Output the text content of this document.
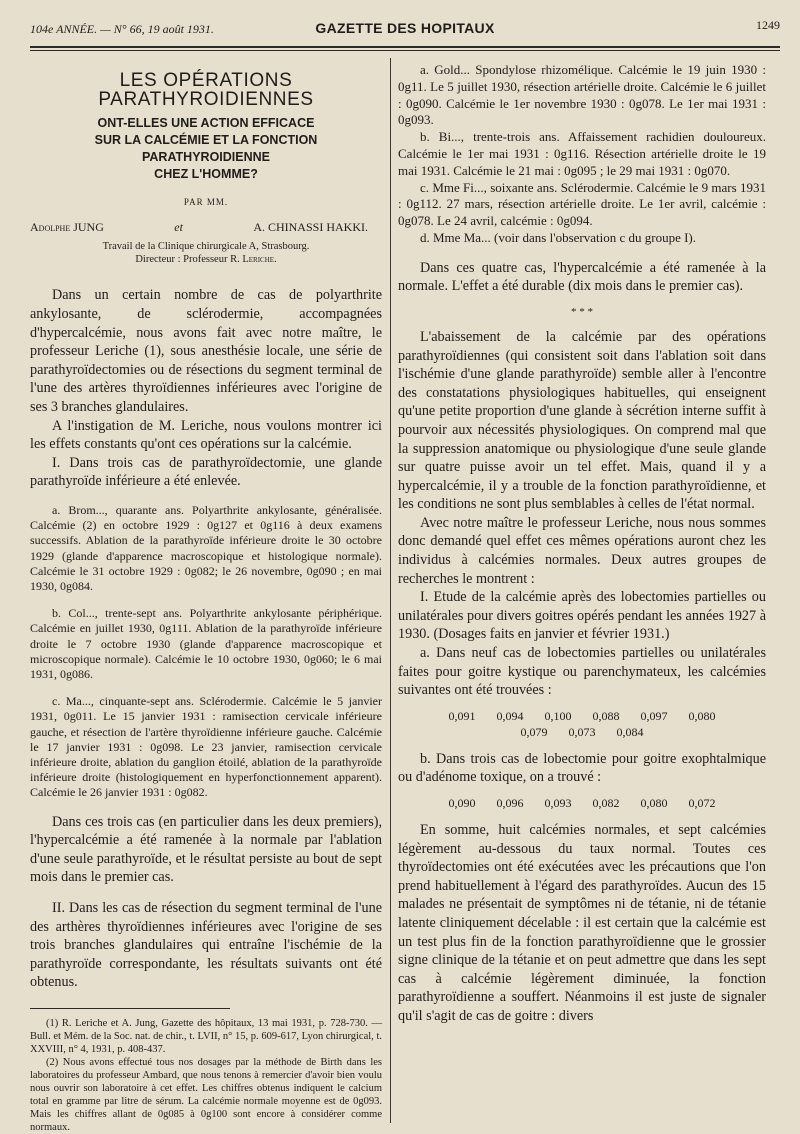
104e ANNÉE. — N° 66, 19 août 1931.	GAZETTE DES HOPITAUX	1249
LES OPÉRATIONS PARATHYROIDIENNES
ONT-ELLES UNE ACTION EFFICACE
SUR LA CALCÉMIE ET LA FONCTION PARATHYROIDIENNE
CHEZ L'HOMME?
PAR MM.
Adolphe JUNG	et	A. CHINASSI HAKKI.
Travail de la Clinique chirurgicale A, Strasbourg.
Directeur : Professeur R. Leriche.

Dans un certain nombre de cas de polyarthrite ankylosante, de sclérodermie, accompagnées d'hypercalcémie, nous avons fait avec notre maître, le professeur Leriche (1), sous anesthésie locale, une série de parathyroïdectomies ou de résections du segment terminal de l'une des artères thyroïdiennes inférieures avec l'origine de ses 3 branches glandulaires.

A l'instigation de M. Leriche, nous voulons montrer ici les effets constants qu'ont ces opérations sur la calcémie.

I. Dans trois cas de parathyroïdectomie, une glande parathyroïde inférieure a été enlevée.

a. Brom..., quarante ans. Polyarthrite ankylosante, généralisée. Calcémie (2) en octobre 1929 : 0g127 et 0g116 à deux examens successifs. Ablation de la parathyroïde inférieure droite le 30 octobre 1929 (glande d'apparence macroscopique et histologique normale). Calcémie le 31 octobre 1929 : 0g082; le 26 novembre, 0g090 ; en mai 1930, 0g084.

b. Col..., trente-sept ans. Polyarthrite ankylosante périphérique. Calcémie en juillet 1930, 0g111. Ablation de la parathyroïde inférieure droite le 7 octobre 1930 (glande d'apparence macroscopique et microscopique normale). Calcémie le 10 octobre 1930, 0g060; le 6 mai 1931, 0g086.

c. Ma..., cinquante-sept ans. Sclérodermie. Calcémie le 5 janvier 1931, 0g011. Le 15 janvier 1931 : ramisection cervicale inférieure gauche, et résection de l'artère thyroïdienne inférieure gauche. Calcémie le 17 janvier 1931 : 0g098. Le 23 janvier, ramisection cervicale inférieure droite, ablation du ganglion étoilé, ablation de la parathyroïde inférieure droite (histologiquement en hyperfonctionnement apparent). Calcémie le 26 janvier 1931 : 0g082.

Dans ces trois cas (en particulier dans les deux premiers), l'hypercalcémie a été ramenée à la normale par l'ablation d'une seule parathyroïde, et le résultat persiste au bout de sept mois dans le premier cas.

II. Dans les cas de résection du segment terminal de l'une des arthères thyroïdiennes inférieures avec l'origine de ses trois branches glandulaires qui entraîne l'ischémie de la parathyroïde correspondante, les résultats suivants ont été obtenus.

(1) R. Leriche et A. Jung, Gazette des hôpitaux, 13 mai 1931, p. 728-730. — Bull. et Mém. de la Soc. nat. de chir., t. LVII, n° 15, p. 609-617, Lyon chirurgical, t. XXVIII, n° 4, 1931, p. 408-437.

(2) Nous avons effectué tous nos dosages par la méthode de Birth dans les laboratoires du professeur Ambard, que nous tenons à remercier d'avoir bien voulu nous ouvrir son laboratoire à cet effet. Les chiffres obtenus indiquent le calcium total en gramme par litre de sérum. La calcémie normale moyenne est de 0g093. Mais les chiffres allant de 0g085 à 0g100 sont encore à considérer comme normaux.

a. Gold... Spondylose rhizomélique. Calcémie le 19 juin 1930 : 0g11. Le 5 juillet 1930, résection artérielle droite. Calcémie le 6 juillet : 0g090. Calcémie le 1er novembre 1930 : 0g078. Le 1er mai 1931 : 0g093.

b. Bi..., trente-trois ans. Affaissement rachidien douloureux. Calcémie le 1er mai 1931 : 0g116. Résection artérielle droite le 19 mai 1931. Calcémie le 21 mai : 0g095 ; le 29 mai 1931 : 0g070.

c. Mme Fi..., soixante ans. Sclérodermie. Calcémie le 9 mars 1931 : 0g112. 27 mars, résection artérielle droite. Le 1er avril, calcémie : 0g078. Le 24 avril, calcémie : 0g094.

d. Mme Ma... (voir dans l'observation c du groupe I).

Dans ces quatre cas, l'hypercalcémie a été ramenée à la normale. L'effet a été durable (dix mois dans le premier cas).

* * *

L'abaissement de la calcémie par des opérations parathyroïdiennes (qui consistent soit dans l'ablation soit dans l'ischémie d'une glande parathyroïde) semble aller à l'encontre des constatations physiologiques habituelles, qui enseignent qu'une petite proportion d'une glande à sécrétion interne suffit à pourvoir aux nécessités physiologiques. On comprend mal que la suppression anatomique ou physiologique d'une seule glande sur quatre puisse avoir un tel effet. Mais, quand il y a hypercalcémie, il y a trouble de la fonction parathyroïdienne, et les conditions ne sont plus semblables à celles de l'état normal.

Avec notre maître le professeur Leriche, nous nous sommes donc demandé quel effet ces mêmes opérations auront chez les individus à calcémies normales. Deux autres groupes de recherches le montrent :

I. Etude de la calcémie après des lobectomies partielles ou unilatérales pour divers goitres opérés pendant les années 1927 à 1930. (Dosages faits en janvier et février 1931.)

a. Dans neuf cas de lobectomies partielles ou unilatérales faites pour goitre kystique ou parenchymateux, les calcémies suivantes ont été trouvées :

0,091 0,094 0,100 0,088 0,097 0,080
0,079 0,073 0,084

b. Dans trois cas de lobectomie pour goitre exophtalmique ou d'adénome toxique, on a trouvé :

0,090 0,096 0,093 0,082 0,080 0,072

En somme, huit calcémies normales, et sept calcémies légèrement au-dessous du taux normal. Toutes ces thyroïdectomies ont été exécutées avec les précautions que l'on prend habituellement à l'égard des parathyroïdes. Aucun des 15 malades ne présentait de symptômes ni de tétanie, ni de tétanie latente cliniquement décelable : il est certain que la calcémie est un test plus fin de la fonction parathyroïdienne que le grossier signe clinique de la tétanie et on peut admettre que dans les sept cas à calcémie légèrement diminuée, la fonction parathyroïdienne a souffert. Néanmoins il est juste de signaler qu'il s'agit de cas de goitre : divers
